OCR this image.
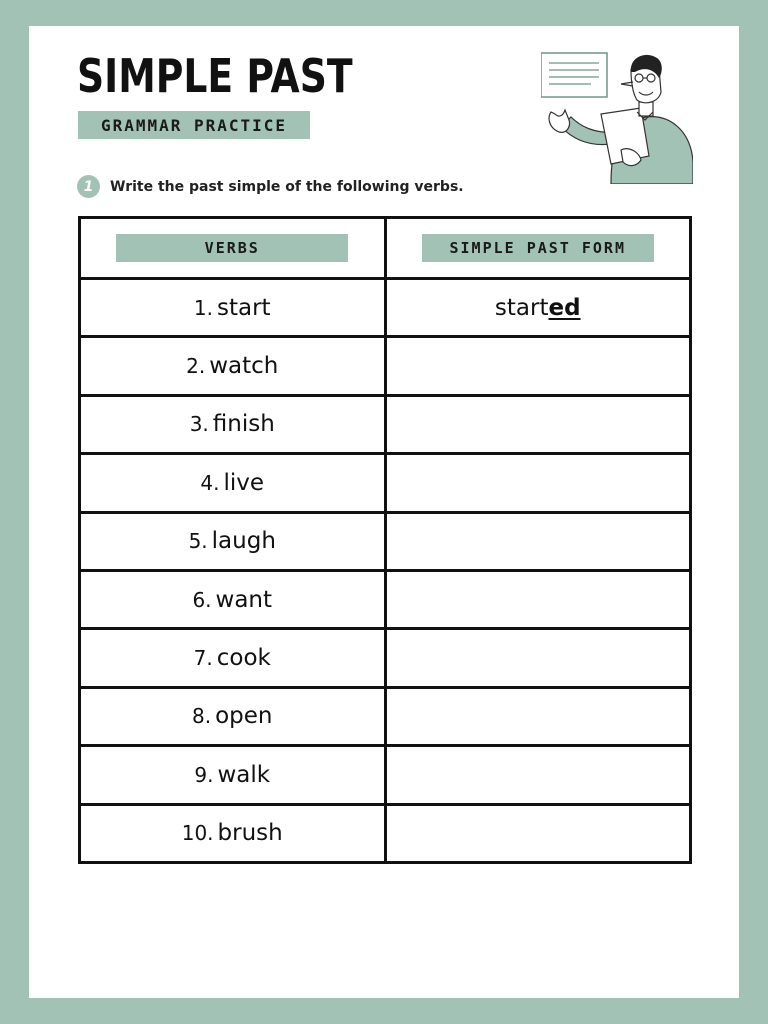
SIMPLE PAST
GRAMMAR PRACTICE
1	Write the past simple of the following verbs.
VERBS	SIMPLE PAST FORM
1. start	started
2. watch	
3. finish	
4. live	
5. laugh	
6. want	
7. cook	
8. open	
9. walk	
10. brush	
